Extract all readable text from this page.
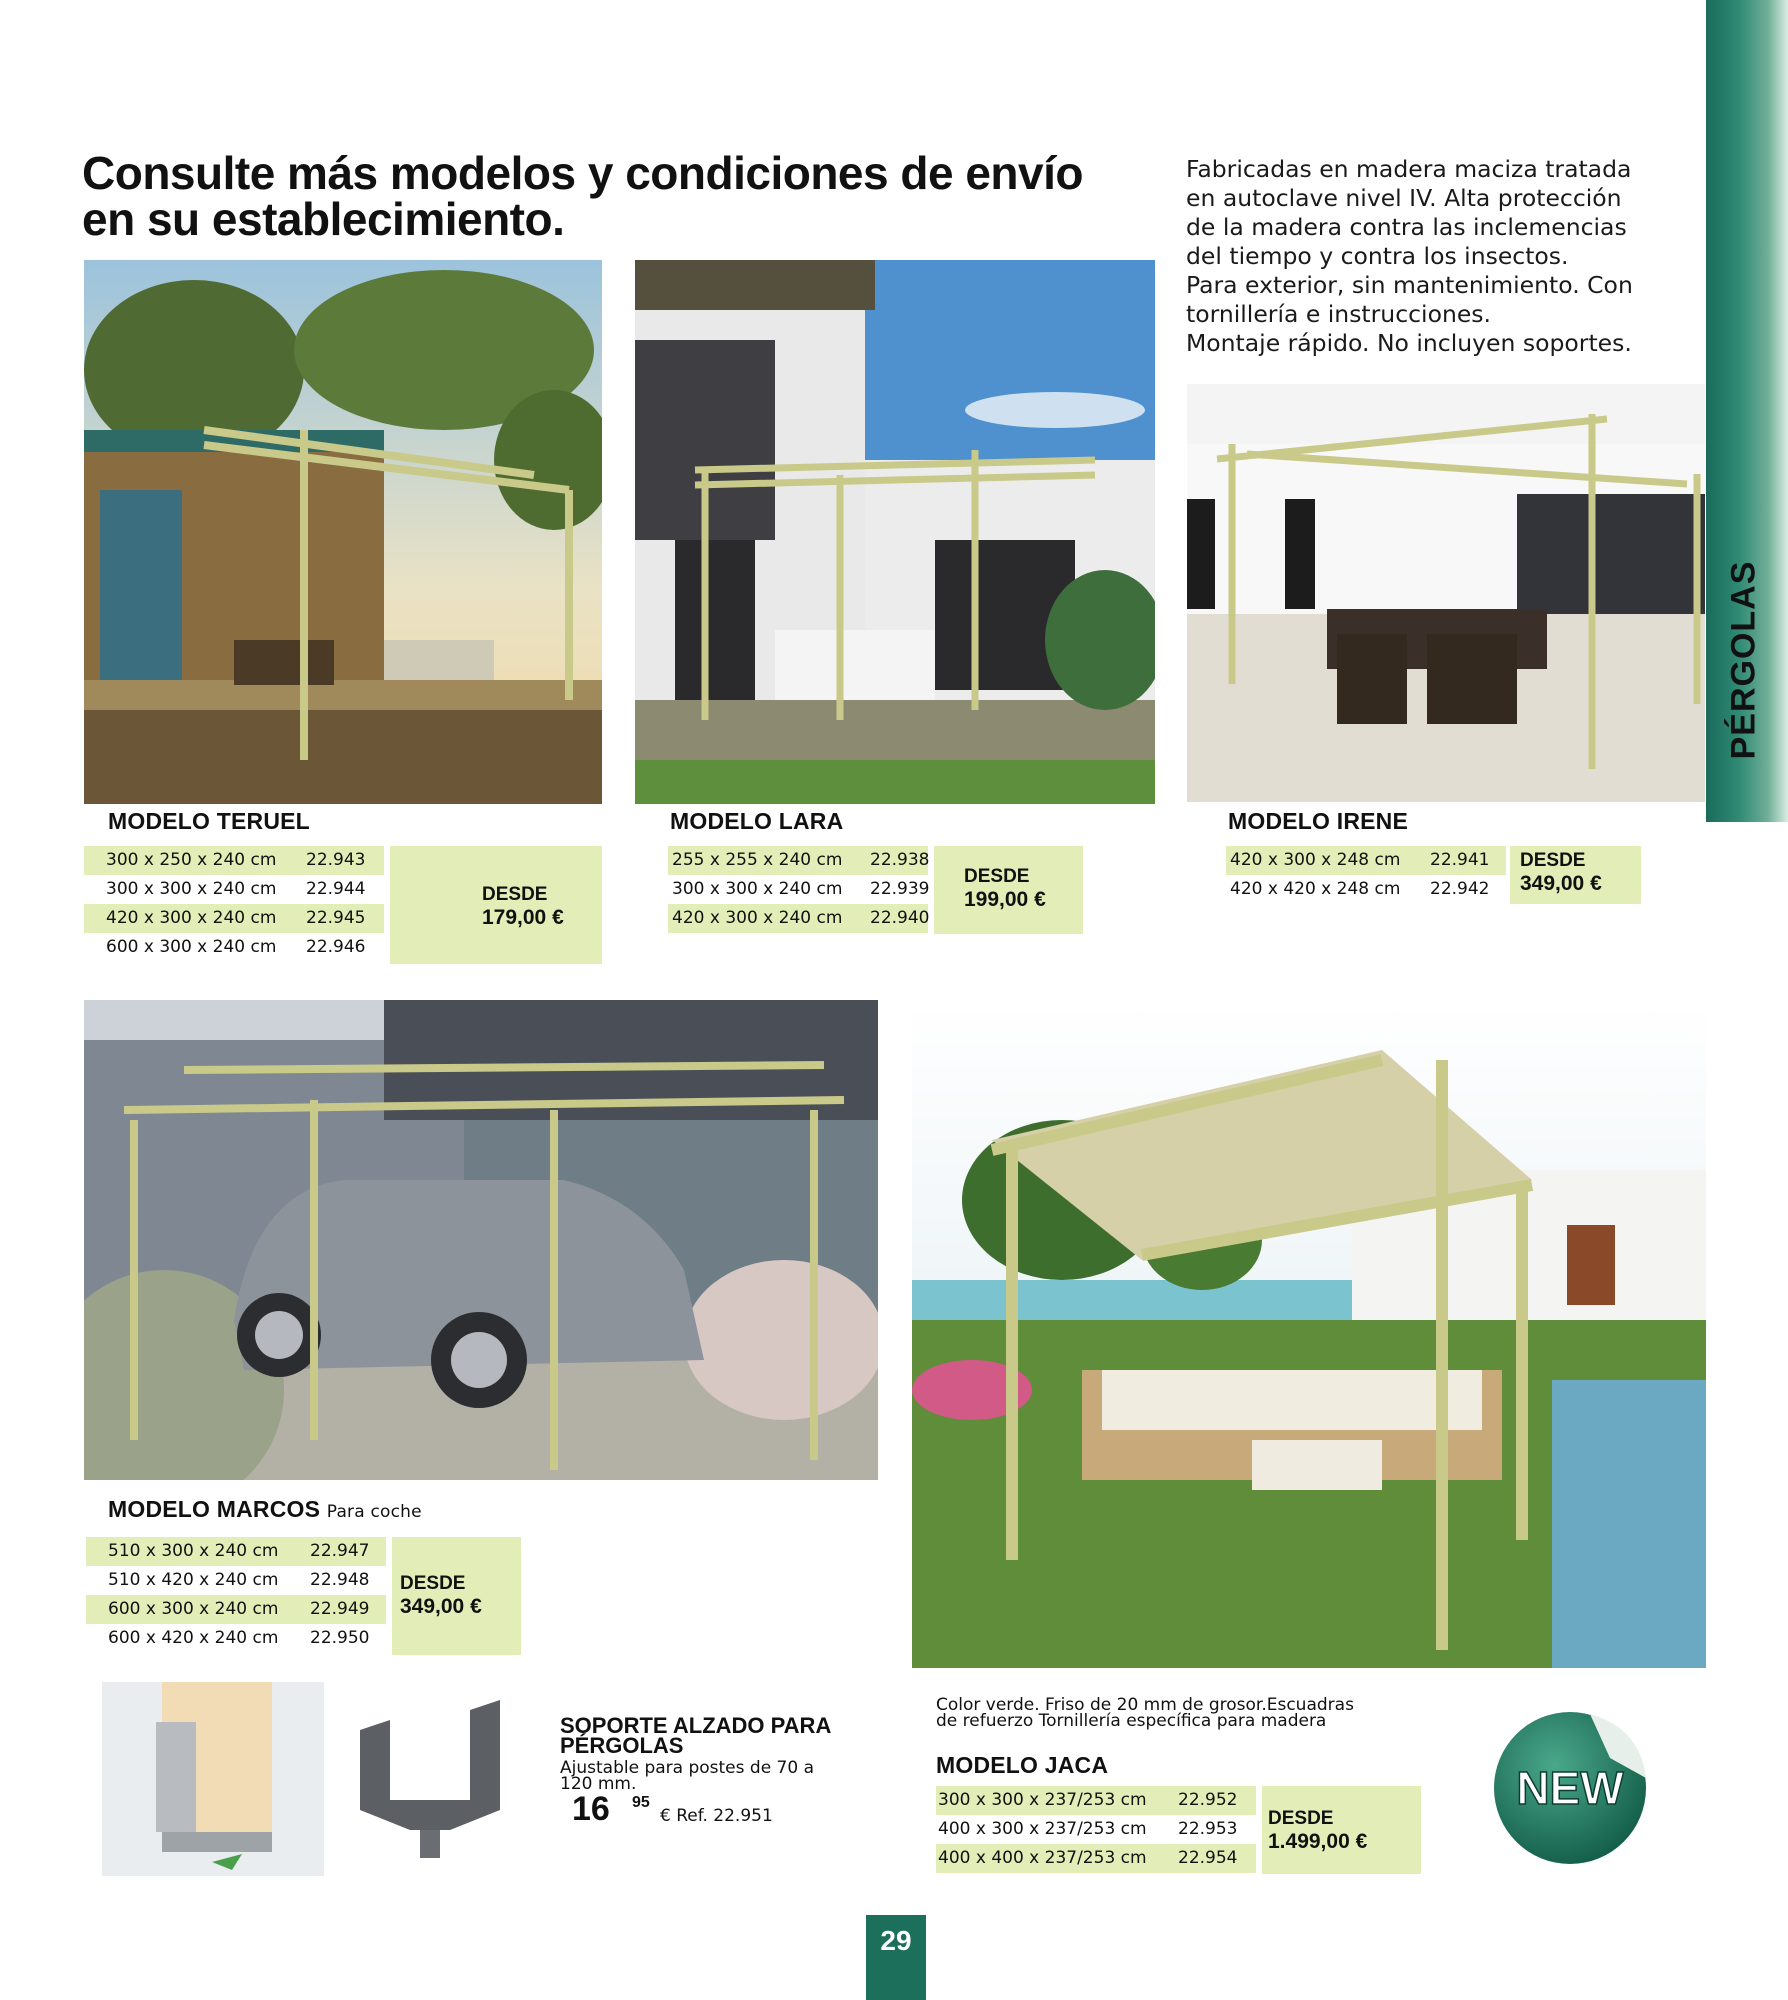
Consulte más modelos y condiciones de envío en su establecimiento.
Fabricadas en madera maciza tratada
en autoclave nivel IV. Alta protección
de la madera contra las inclemencias
del tiempo y contra los insectos.
Para exterior, sin mantenimiento. Con
tornillería e instrucciones.
Montaje rápido. No incluyen soportes.
PÉRGOLAS
MODELO TERUEL	MODELO LARA	MODELO IRENE
300 x 250 x 240 cm 22.943
300 x 300 x 240 cm 22.944
420 x 300 x 240 cm 22.945
600 x 300 x 240 cm 22.946
DESDE
179,00 €
255 x 255 x 240 cm 22.938
300 x 300 x 240 cm 22.939
420 x 300 x 240 cm 22.940
DESDE
199,00 €
420 x 300 x 248 cm 22.941
420 x 420 x 248 cm 22.942
DESDE
349,00 €
MODELO MARCOS Para coche
510 x 300 x 240 cm 22.947
510 x 420 x 240 cm 22.948
600 x 300 x 240 cm 22.949
600 x 420 x 240 cm 22.950
DESDE
349,00 €
SOPORTE ALZADO PARA PÉRGOLAS
Ajustable para postes de 70 a 120 mm.
16 95
€ Ref. 22.951
Color verde. Friso de 20 mm de grosor.Escuadras de refuerzo Tornillería específica para madera
MODELO JACA
300 x 300 x 237/253 cm 22.952
400 x 300 x 237/253 cm 22.953
400 x 400 x 237/253 cm 22.954
DESDE
1.499,00 €
NEW
29
